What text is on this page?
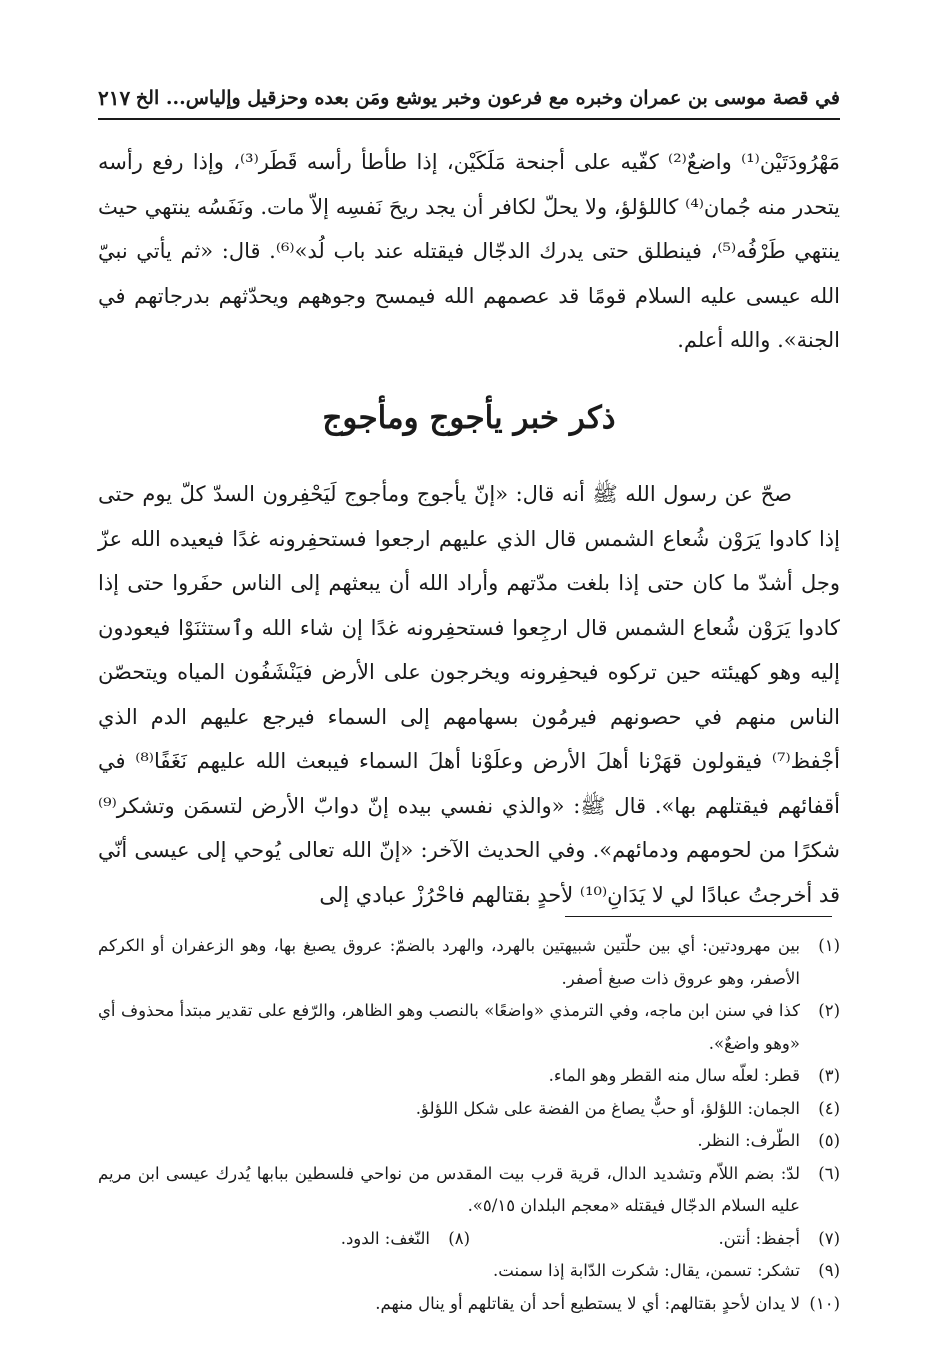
في قصة موسى بن عمران وخبره مع فرعون وخبر يوشع ومَن بعده وحزقيل وإلياس... الخ
٢١٧

مَهْرُودَتَيْن⁽¹⁾ واضعٌ⁽²⁾ كفّيه على أجنحة مَلَكَيْن، إذا طأطأ رأسه قَطَر⁽³⁾، وإذا رفع رأسه يتحدر منه جُمان⁽⁴⁾ كاللؤلؤ، ولا يحلّ لكافر أن يجد ريحَ نَفسِه إلاّ مات. ونَفَسُه ينتهي حيث ينتهي طَرْفُه⁽⁵⁾، فينطلق حتى يدرك الدجّال فيقتله عند باب لُد»⁽⁶⁾. قال: «ثم يأتي نبيّ الله عيسى عليه السلام قومًا قد عصمهم الله فيمسح وجوههم ويحدّثهم بدرجاتهم في الجنة». والله أعلم.

ذكر خبر يأجوج ومأجوج

صحّ عن رسول الله ﷺ أنه قال: «إنّ يأجوج ومأجوج لَيَحْفِرون السدّ كلّ يوم حتى إذا كادوا يَرَوْن شُعاع الشمس قال الذي عليهم ارجعوا فستحفِرونه غدًا فيعيده الله عزّ وجل أشدّ ما كان حتى إذا بلغت مدّتهم وأراد الله أن يبعثهم إلى الناس حفَروا حتى إذا كادوا يَرَوْن شُعاع الشمس قال ارجِعوا فستحفِرونه غدًا إن شاء الله وٱستثنَوْا فيعودون إليه وهو كهيئته حين تركوه فيحفِرونه ويخرجون على الأرض فيَنْشَفُون المياه ويتحصّن الناس منهم في حصونهم فيرمُون بسهامهم إلى السماء فيرجع عليهم الدم الذي أجْفظ⁽⁷⁾ فيقولون قهَرْنا أهلَ الأرض وعلَوْنا أهلَ السماء فيبعث الله عليهم نَغَفًا⁽⁸⁾ في أقفائهم فيقتلهم بها». قال ﷺ: «والذي نفسي بيده إنّ دوابّ الأرض لتسمَن وتشكر⁽⁹⁾ شكرًا من لحومهم ودمائهم». وفي الحديث الآخر: «إنّ الله تعالى يُوحي إلى عيسى أنّي قد أخرجتُ عبادًا لي لا يَدَانِ⁽¹⁰⁾ لأحدٍ بقتالهم فاحْرُزْ عبادي إلى

(١)
بين مهرودتين: أي بين حلّتين شبيهتين بالهرد، والهرد بالضمّ: عروق يصبغ بها، وهو الزعفران أو الكركم الأصفر، وهو عروق ذات صبغ أصفر.
(٢)
كذا في سنن ابن ماجه، وفي الترمذي «واضعًا» بالنصب وهو الظاهر، والرّفع على تقدير مبتدأ محذوف أي «وهو واضعٌ».
(٣)
قطر: لعلّه سال منه القطر وهو الماء.
(٤)
الجمان: اللؤلؤ، أو حبٌّ يصاغ من الفضة على شكل اللؤلؤ.
(٥)
الطّرف: النظر.
(٦)
لدّ: بضم اللاّم وتشديد الدال، قرية قرب بيت المقدس من نواحي فلسطين ببابها يُدرك عيسى ابن مريم عليه السلام الدجّال فيقتله «معجم البلدان ٥/١٥».
(٧)
أجفظ: أنتن.
(٨)
النّغف: الدود.
(٩)
تشكر: تسمن، يقال: شكرت الدّابة إذا سمنت.
(١٠)
لا يدان لأحدٍ بقتالهم: أي لا يستطيع أحد أن يقاتلهم أو ينال منهم.
